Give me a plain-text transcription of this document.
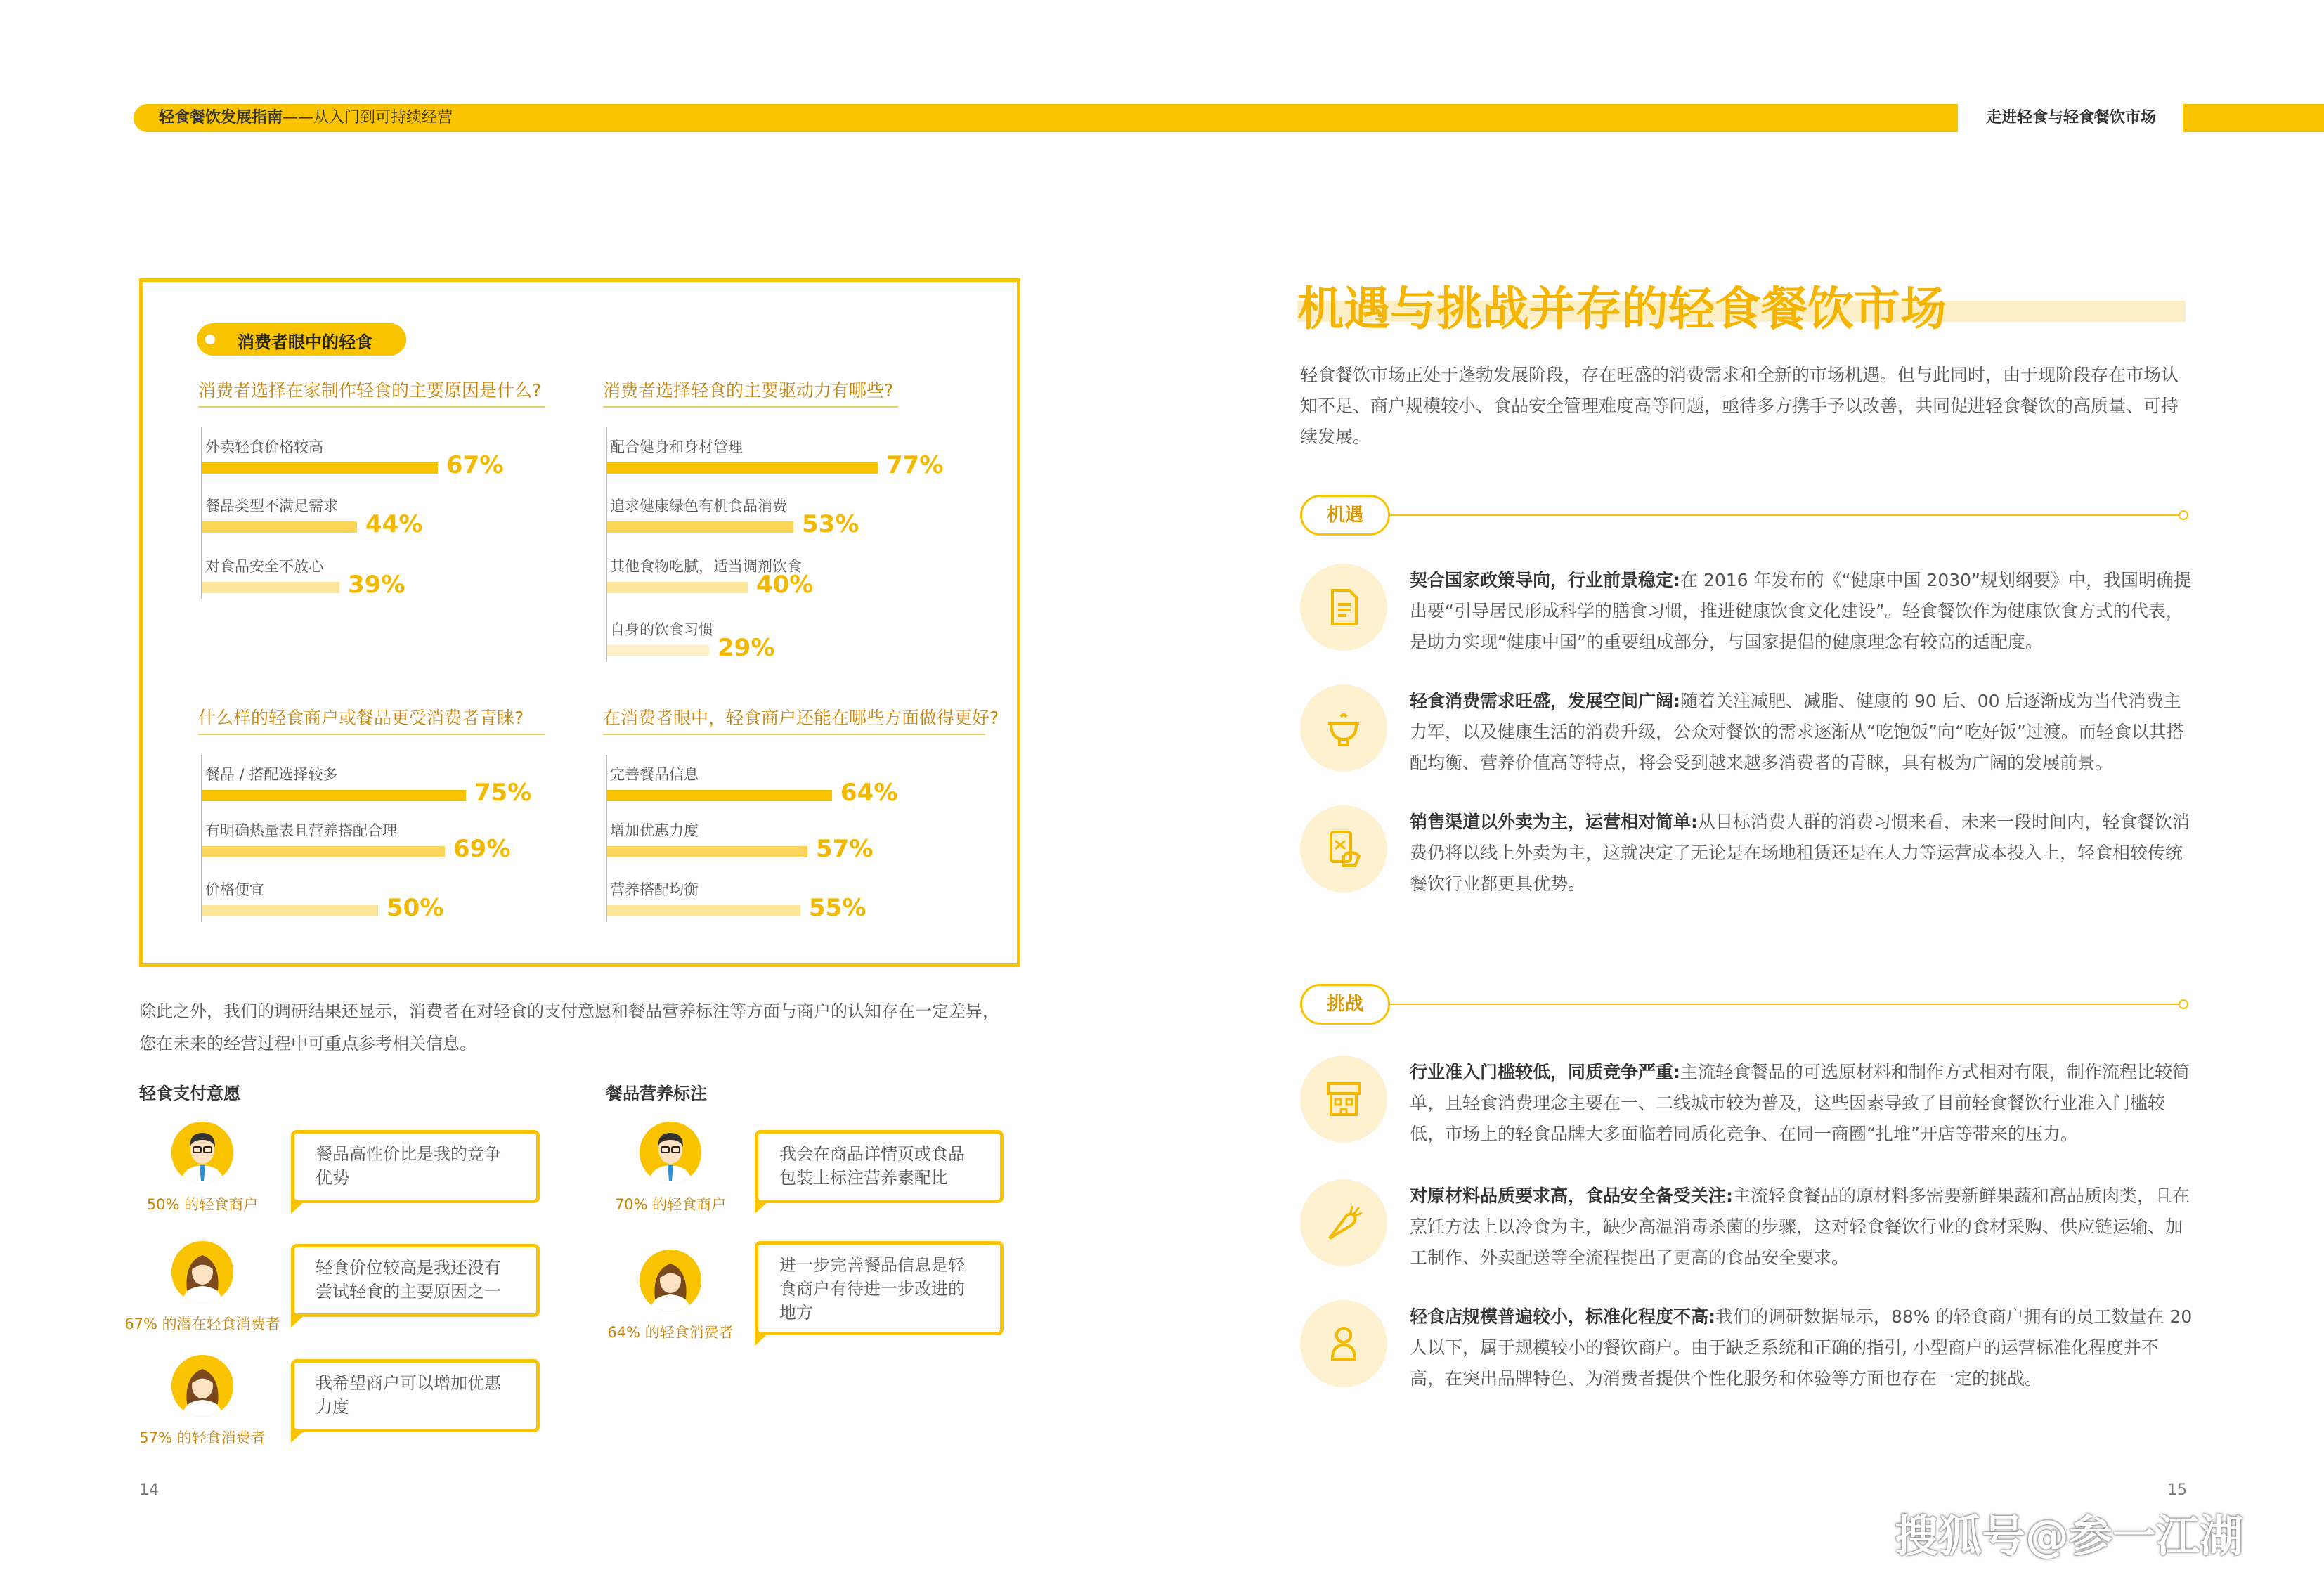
轻食餐饮发展指南——从入门到可持续经营	走进轻食与轻食餐饮市场
消费者眼中的轻食
消费者选择在家制作轻食的主要原因是什么?
外卖轻食价格较高
67%
餐品类型不满足需求
44%
对食品安全不放心
39%
消费者选择轻食的主要驱动力有哪些?
配合健身和身材管理
77%
追求健康绿色有机食品消费
53%
其他食物吃腻，适当调剂饮食
40%
自身的饮食习惯
29%
什么样的轻食商户或餐品更受消费者青睐?
餐品 / 搭配选择较多
75%
有明确热量表且营养搭配合理
69%
价格便宜
50%
在消费者眼中，轻食商户还能在哪些方面做得更好?
完善餐品信息
64%
增加优惠力度
57%
营养搭配均衡
55%
除此之外，我们的调研结果还显示，消费者在对轻食的支付意愿和餐品营养标注等方面与商户的认知存在一定差异，
您在未来的经营过程中可重点参考相关信息。
轻食支付意愿	餐品营养标注
50% 的轻食商户
餐品高性价比是我的竞争优势
67% 的潜在轻食消费者
轻食价位较高是我还没有尝试轻食的主要原因之一
57% 的轻食消费者
我希望商户可以增加优惠力度
70% 的轻食商户
我会在商品详情页或食品包装上标注营养素配比
64% 的轻食消费者
进一步完善餐品信息是轻食商户有待进一步改进的地方
14	15
机遇与挑战并存的轻食餐饮市场
轻食餐饮市场正处于蓬勃发展阶段，存在旺盛的消费需求和全新的市场机遇。但与此同时，由于现阶段存在市场认知不足、商户规模较小、食品安全管理难度高等问题，亟待多方携手予以改善，共同促进轻食餐饮的高质量、可持续发展。
机遇
挑战
契合国家政策导向，行业前景稳定:在 2016 年发布的《“健康中国 2030”规划纲要》中，我国明确提出要“引导居民形成科学的膳食习惯，推进健康饮食文化建设”。轻食餐饮作为健康饮食方式的代表，是助力实现“健康中国”的重要组成部分，与国家提倡的健康理念有较高的适配度。
轻食消费需求旺盛，发展空间广阔:随着关注减肥、减脂、健康的 90 后、00 后逐渐成为当代消费主力军，以及健康生活的消费升级，公众对餐饮的需求逐渐从“吃饱饭”向“吃好饭”过渡。而轻食以其搭配均衡、营养价值高等特点，将会受到越来越多消费者的青睐，具有极为广阔的发展前景。
销售渠道以外卖为主，运营相对简单:从目标消费人群的消费习惯来看，未来一段时间内，轻食餐饮消费仍将以线上外卖为主，这就决定了无论是在场地租赁还是在人力等运营成本投入上，轻食相较传统餐饮行业都更具优势。
行业准入门槛较低，同质竞争严重:主流轻食餐品的可选原材料和制作方式相对有限，制作流程比较简单，且轻食消费理念主要在一、二线城市较为普及，这些因素导致了目前轻食餐饮行业准入门槛较低，市场上的轻食品牌大多面临着同质化竞争、在同一商圈“扎堆”开店等带来的压力。
对原材料品质要求高，食品安全备受关注:主流轻食餐品的原材料多需要新鲜果蔬和高品质肉类，且在烹饪方法上以冷食为主，缺少高温消毒杀菌的步骤，这对轻食餐饮行业的食材采购、供应链运输、加工制作、外卖配送等全流程提出了更高的食品安全要求。
轻食店规模普遍较小，标准化程度不高:我们的调研数据显示，88% 的轻食商户拥有的员工数量在 20 人以下，属于规模较小的餐饮商户。由于缺乏系统和正确的指引, 小型商户的运营标准化程度并不高，在突出品牌特色、为消费者提供个性化服务和体验等方面也存在一定的挑战。
搜狐号@参一江湖
